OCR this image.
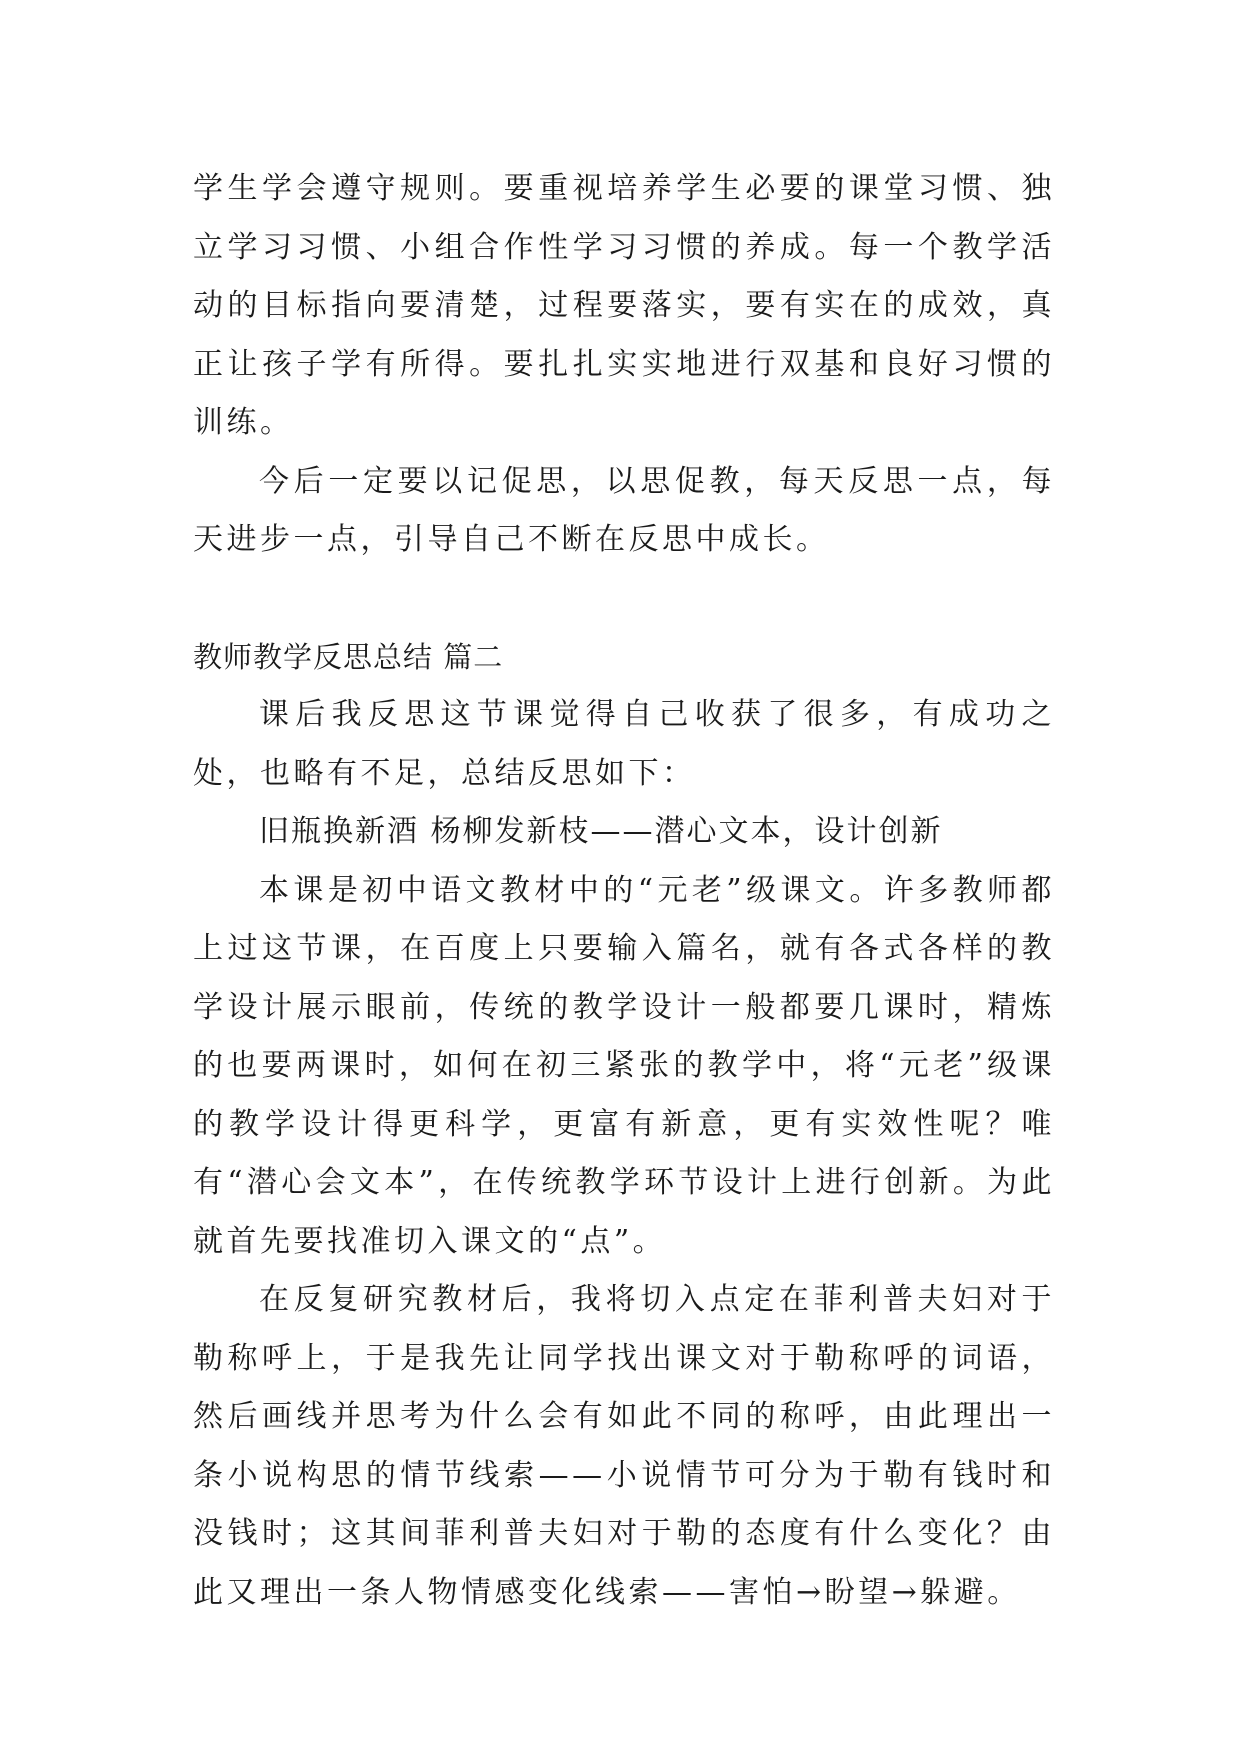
学生学会遵守规则。要重视培养学生必要的课堂习惯、独立学习习惯、小组合作性学习习惯的养成。每一个教学活动的目标指向要清楚，过程要落实，要有实在的成效，真正让孩子学有所得。要扎扎实实地进行双基和良好习惯的训练。

今后一定要以记促思，以思促教，每天反思一点，每天进步一点，引导自己不断在反思中成长。

教师教学反思总结 篇二

课后我反思这节课觉得自己收获了很多，有成功之处，也略有不足，总结反思如下：

旧瓶换新酒 杨柳发新枝——潜心文本，设计创新

本课是初中语文教材中的“元老”级课文。许多教师都上过这节课，在百度上只要输入篇名，就有各式各样的教学设计展示眼前，传统的教学设计一般都要几课时，精炼的也要两课时，如何在初三紧张的教学中，将“元老”级课的教学设计得更科学，更富有新意，更有实效性呢？唯有“潜心会文本”，在传统教学环节设计上进行创新。为此就首先要找准切入课文的“点”。

在反复研究教材后，我将切入点定在菲利普夫妇对于勒称呼上，于是我先让同学找出课文对于勒称呼的词语，然后画线并思考为什么会有如此不同的称呼，由此理出一条小说构思的情节线索——小说情节可分为于勒有钱时和没钱时；这其间菲利普夫妇对于勒的态度有什么变化？由此又理出一条人物情感变化线索——害怕→盼望→躲避。
